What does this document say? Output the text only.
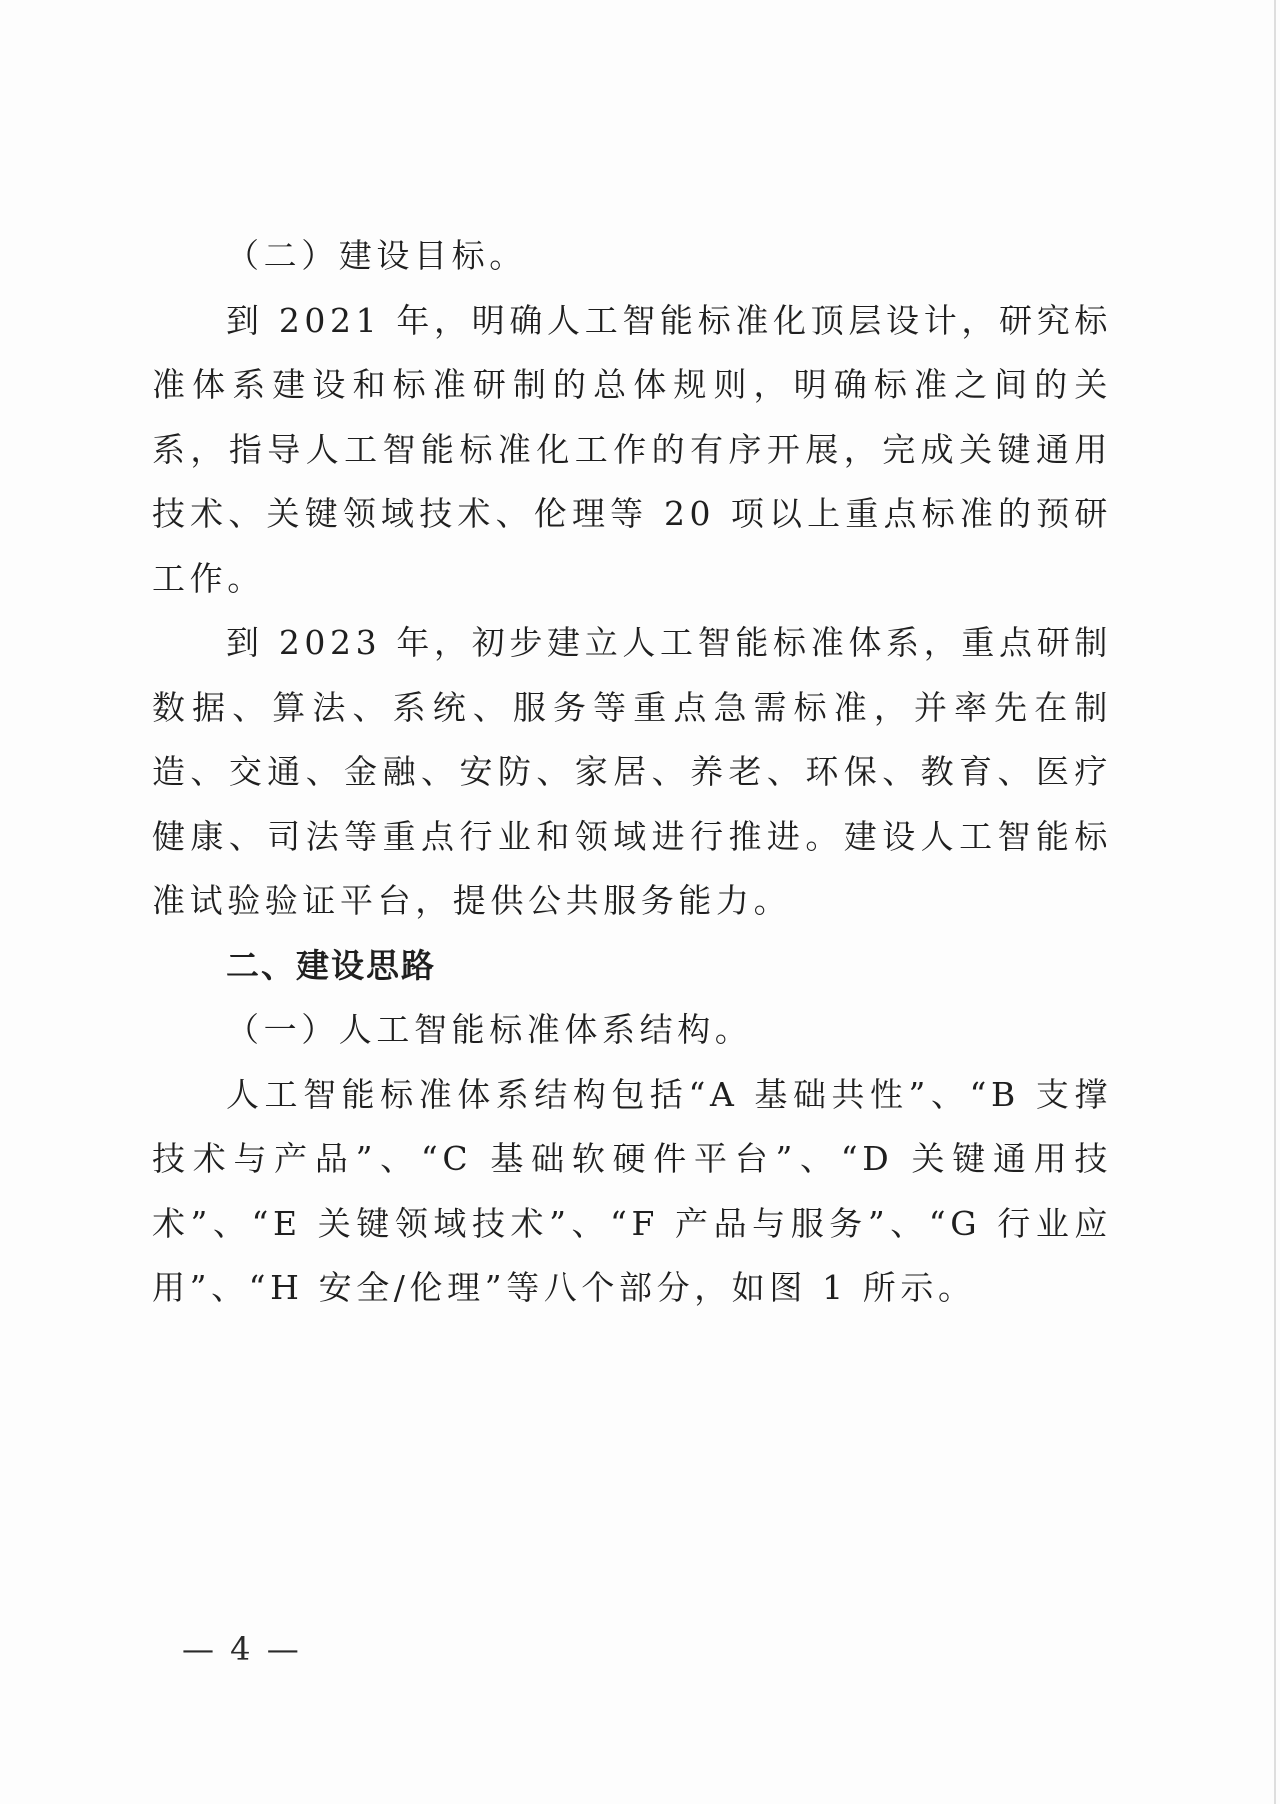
（二）建设目标。

到 2021 年，明确人工智能标准化顶层设计，研究标准体系建设和标准研制的总体规则，明确标准之间的关系，指导人工智能标准化工作的有序开展，完成关键通用技术、关键领域技术、伦理等 20 项以上重点标准的预研工作。

到 2023 年，初步建立人工智能标准体系，重点研制数据、算法、系统、服务等重点急需标准，并率先在制造、交通、金融、安防、家居、养老、环保、教育、医疗健康、司法等重点行业和领域进行推进。建设人工智能标准试验验证平台，提供公共服务能力。

二、建设思路

（一）人工智能标准体系结构。

人工智能标准体系结构包括“A 基础共性”、“B 支撑技术与产品”、“C 基础软硬件平台”、“D 关键通用技术”、“E 关键领域技术”、“F 产品与服务”、“G 行业应用”、“H 安全/伦理”等八个部分，如图 1 所示。

— 4 —
